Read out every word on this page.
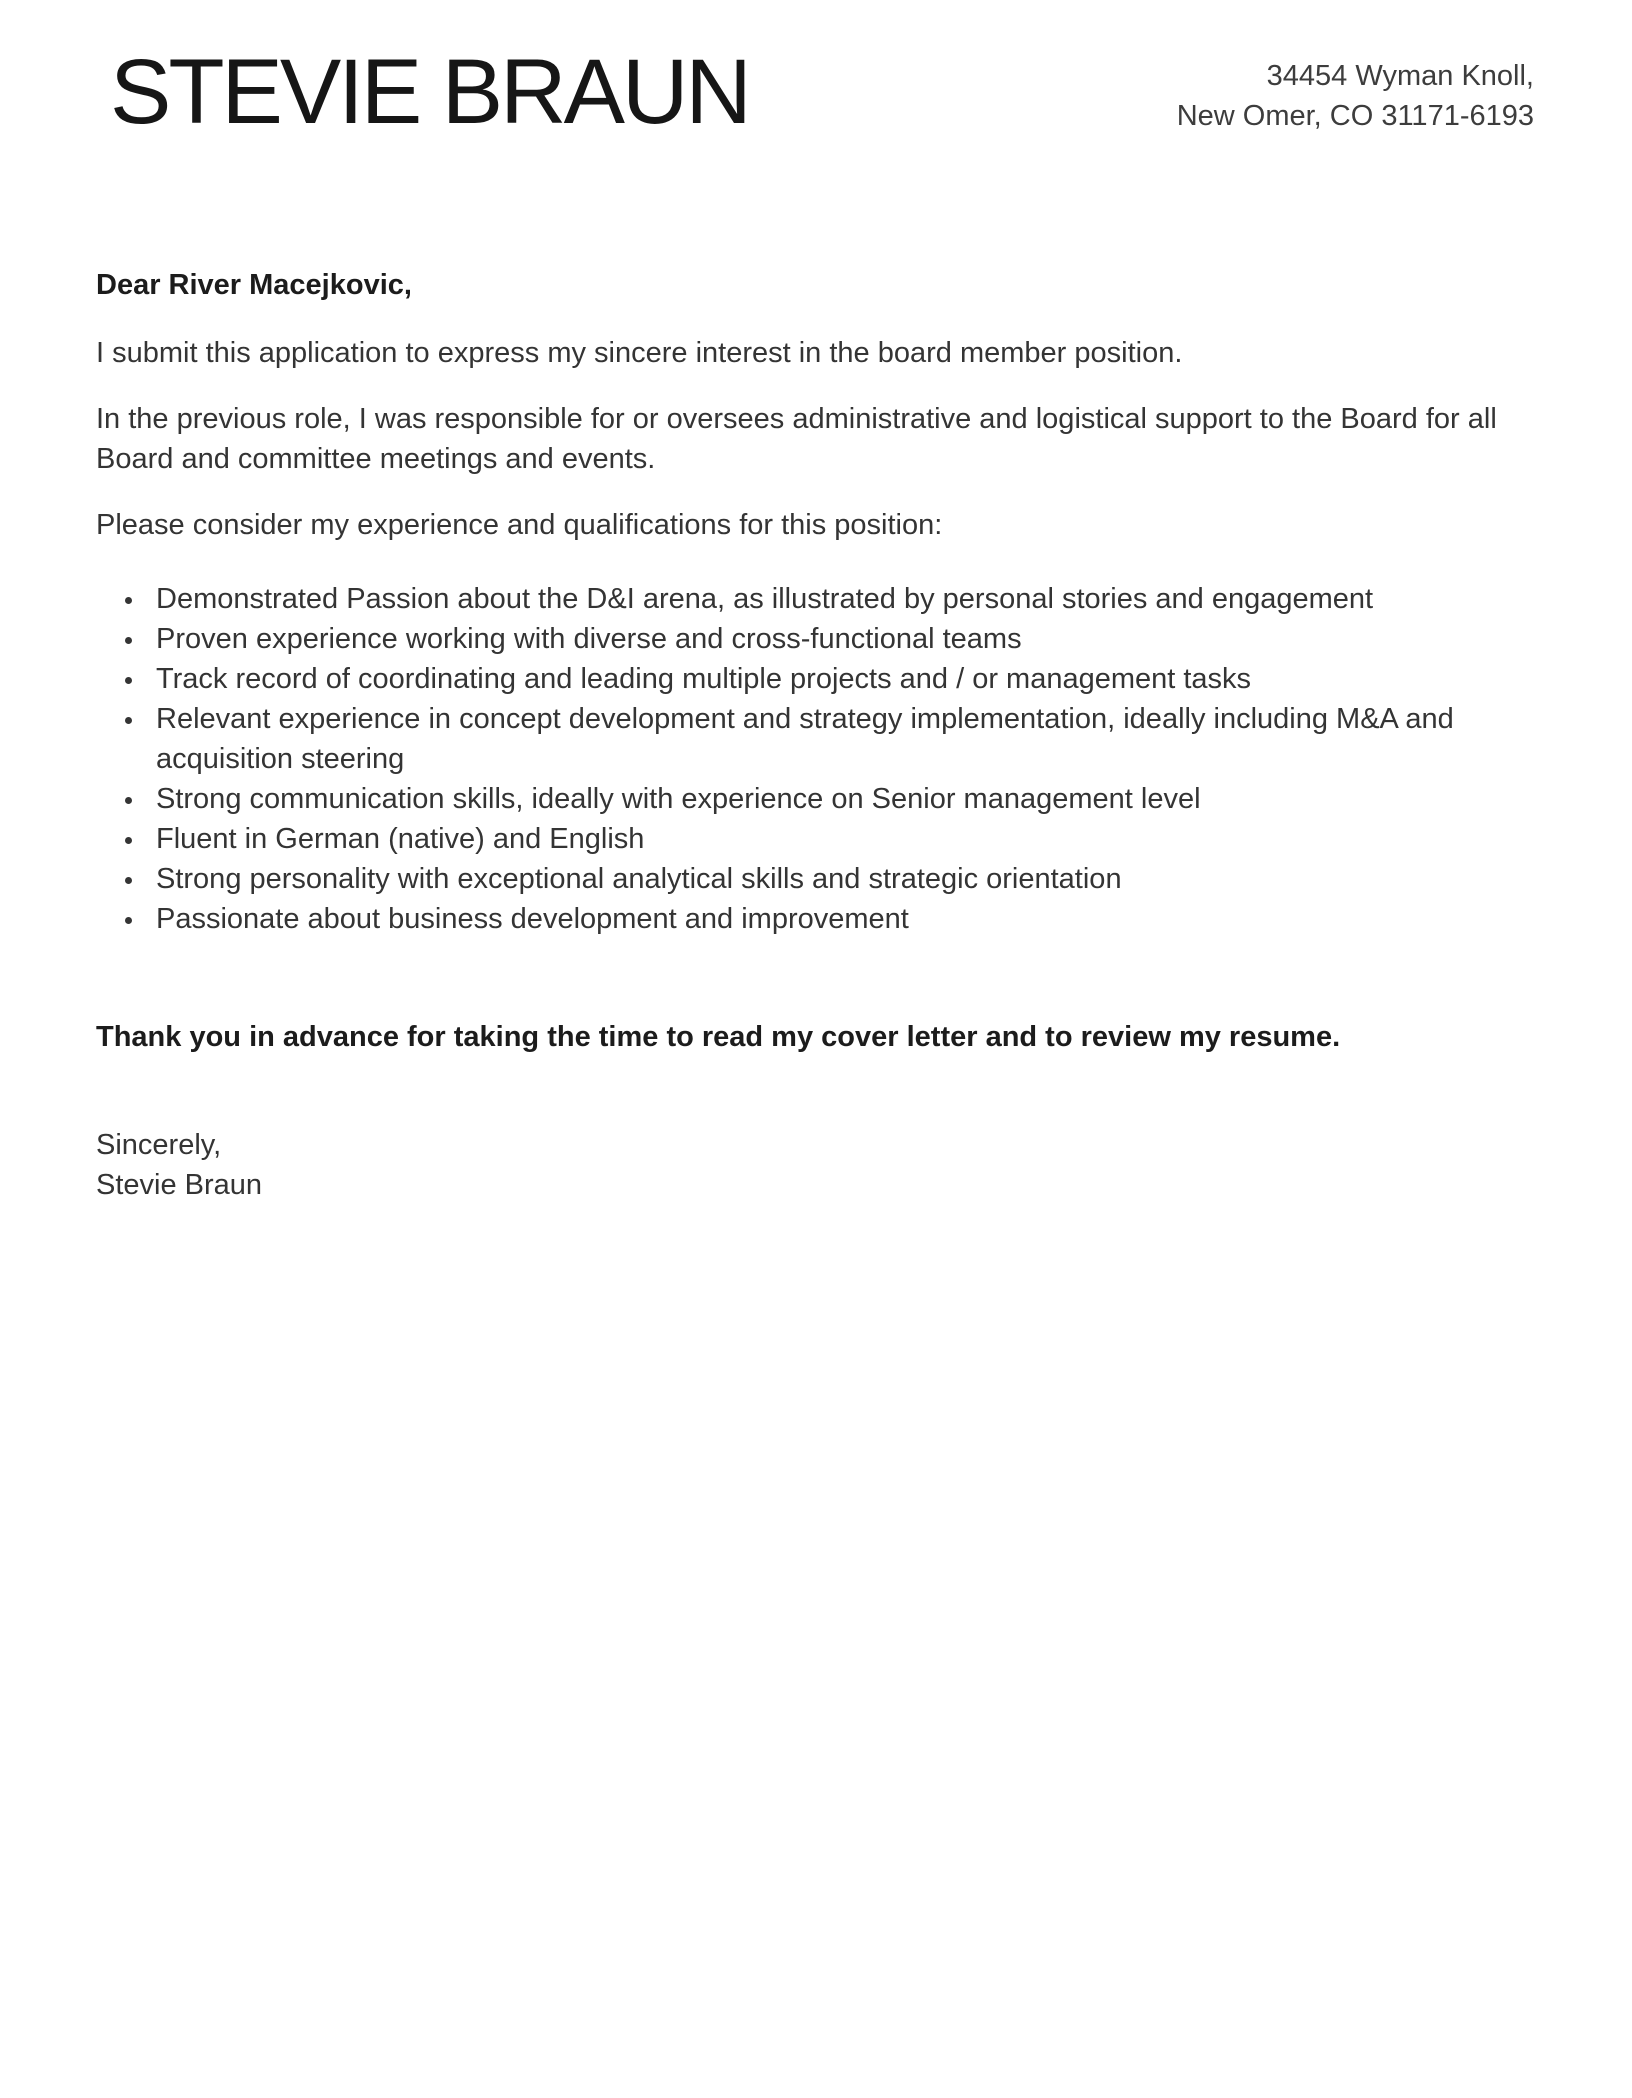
STEVIE BRAUN	34454 Wyman Knoll,
New Omer, CO 31171-6193
Dear River Macejkovic,

I submit this application to express my sincere interest in the board member position.

In the previous role, I was responsible for or oversees administrative and logistical support to the Board for all Board and committee meetings and events.

Please consider my experience and qualifications for this position:

• Demonstrated Passion about the D&I arena, as illustrated by personal stories and engagement
• Proven experience working with diverse and cross-functional teams
• Track record of coordinating and leading multiple projects and / or management tasks
• Relevant experience in concept development and strategy implementation, ideally including M&A and acquisition steering
• Strong communication skills, ideally with experience on Senior management level
• Fluent in German (native) and English
• Strong personality with exceptional analytical skills and strategic orientation
• Passionate about business development and improvement
Thank you in advance for taking the time to read my cover letter and to review my resume.
Sincerely,
Stevie Braun
